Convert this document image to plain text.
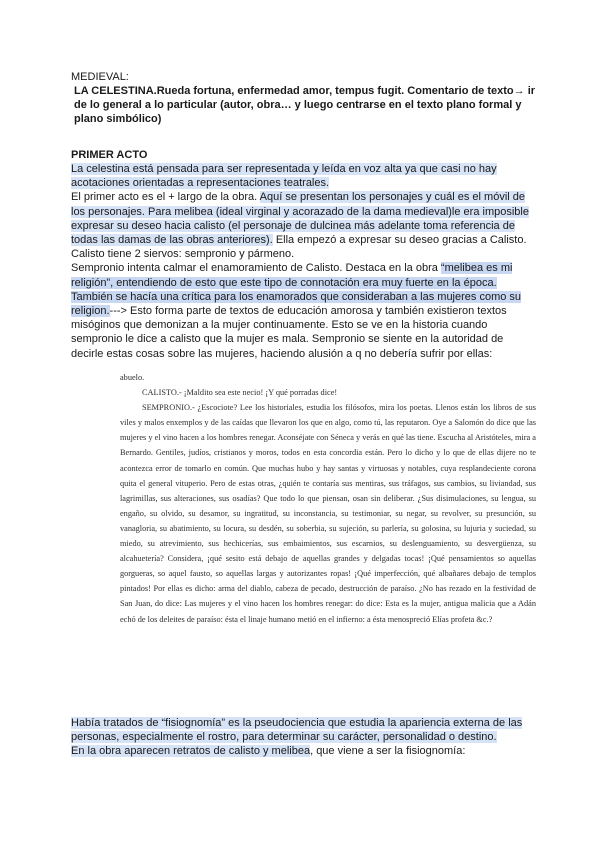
MEDIEVAL:

LA CELESTINA.Rueda fortuna, enfermedad amor, tempus fugit. Comentario de texto→ ir de lo general a lo particular (autor, obra… y luego centrarse en el texto plano formal y plano simbólico)

PRIMER ACTO

La celestina está pensada para ser representada y leída en voz alta ya que casi no hay acotaciones orientadas a representaciones teatrales.

El primer acto es el + largo de la obra. Aquí se presentan los personajes y cuál es el móvil de los personajes. Para melibea (ideal virginal y acorazado de la dama medieval)le era imposible expresar su deseo hacia calisto (el personaje de dulcinea más adelante toma referencia de todas las damas de las obras anteriores). Ella empezó a expresar su deseo gracias a Calisto. Calisto tiene 2 siervos: sempronio y pármeno.

Sempronio intenta calmar el enamoramiento de Calisto. Destaca en la obra “melibea es mi religión”, entendiendo de esto que este tipo de connotación era muy fuerte en la época. También se hacía una crítica para los enamorados que consideraban a las mujeres como su religion.---> Esto forma parte de textos de educación amorosa y también existieron textos misóginos que demonizan a la mujer continuamente. Esto se ve en la historia cuando sempronio le dice a calisto que la mujer es mala. Sempronio se siente en la autoridad de decirle estas cosas sobre las mujeres, haciendo alusión a q no debería sufrir por ellas:

abuelo.

CALISTO.- ¡Maldito sea este necio! ¡Y qué porradas dice!

SEMPRONIO.- ¿Escociote? Lee los historiales, estudia los filósofos, mira los poetas. Llenos están los libros de sus viles y malos enxemplos y de las caídas que llevaron los que en algo, como tú, las reputaron. Oye a Salomón do dice que las mujeres y el vino hacen a los hombres renegar. Aconséjate con Séneca y verás en qué las tiene. Escucha al Aristóteles, mira a Bernardo. Gentiles, judíos, cristianos y moros, todos en esta concordia están. Pero lo dicho y lo que de ellas dijere no te acontezca error de tomarlo en común. Que muchas hubo y hay santas y virtuosas y notables, cuya resplandeciente corona quita el general vituperio. Pero de estas otras, ¿quién te contaría sus mentiras, sus tráfagos, sus cambios, su liviandad, sus lagrimillas, sus alteraciones, sus osadías? Que todo lo que piensan, osan sin deliberar. ¿Sus disimulaciones, su lengua, su engaño, su olvido, su desamor, su ingratitud, su inconstancia, su testimoniar, su negar, su revolver, su presunción, su vanagloria, su abatimiento, su locura, su desdén, su soberbia, su sujeción, su parlería, su golosina, su lujuria y suciedad, su miedo, su atrevimiento, sus hechicerías, sus embaimientos, sus escarnios, su deslenguamiento, su desvergüenza, su alcahuetería? Considera, ¡qué sesito está debajo de aquellas grandes y delgadas tocas! ¡Qué pensamientos so aquellas gorgueras, so aquel fausto, so aquellas largas y autorizantes ropas! ¡Qué imperfección, qué albañares debajo de templos pintados! Por ellas es dicho: arma del diablo, cabeza de pecado, destrucción de paraíso. ¿No has rezado en la festividad de San Juan, do dice: Las mujeres y el vino hacen los hombres renegar: do dice: Esta es la mujer, antigua malicia que a Adán echó de los deleites de paraíso: ésta el linaje humano metió en el infierno: a ésta menospreció Elías profeta &c.?

Había tratados de “fisiognomía” es la pseudociencia que estudia la apariencia externa de las personas, especialmente el rostro, para determinar su carácter, personalidad o destino.

En la obra aparecen retratos de calisto y melibea, que viene a ser la fisiognomía:
